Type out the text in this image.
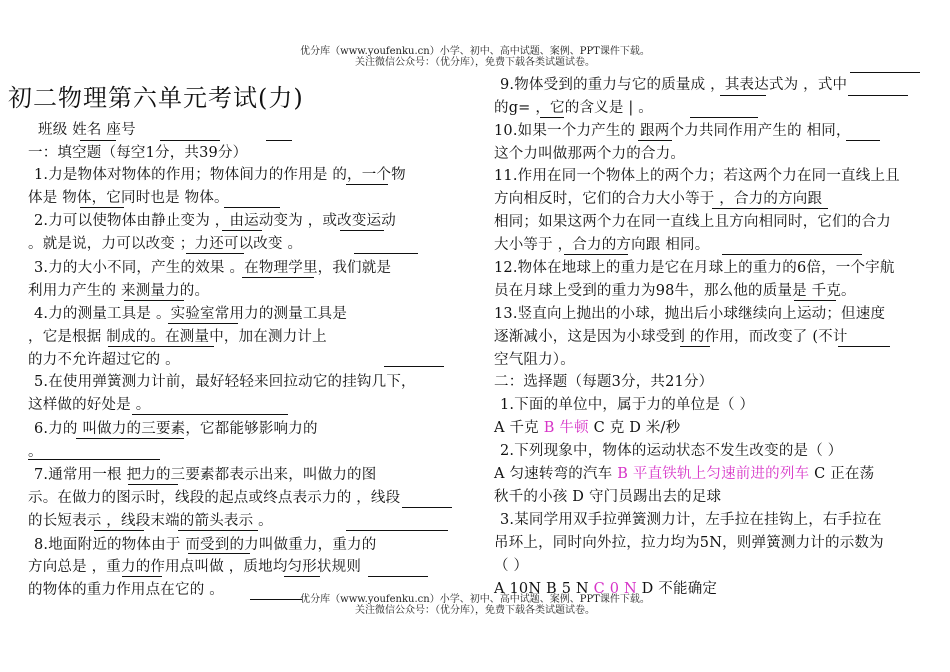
优分库（www.youfenku.cn）小学、初中、高中试题、案例、PPT课件下载。
关注微信公众号：（优分库），免费下载各类试题试卷。
初二物理第六单元考试(力)
班级 姓名 座号
一：填空题（每空1分，共39分）
1.力是物体对物体的作用；物体间力的作用是 的，一个物
体是 物体，它同时也是 物体。
2.力可以使物体由静止变为 ，由运动变为 ，或改变运动
。就是说，力可以改变 ；力还可以改变 。
3.力的大小不同，产生的效果 。在物理学里，我们就是
利用力产生的 来测量力的。
4.力的测量工具是 。实验室常用力的测量工具是
，它是根据 制成的。在测量中，加在测力计上
的力不允许超过它的 。
5.在使用弹簧测力计前，最好轻轻来回拉动它的挂钩几下，
这样做的好处是 。
6.力的 叫做力的三要素，它都能够影响力的
。
7.通常用一根 把力的三要素都表示出来，叫做力的图
示。在做力的图示时，线段的起点或终点表示力的 ，线段
的长短表示 ，线段末端的箭头表示 。
8.地面附近的物体由于 而受到的力叫做重力，重力的
方向总是 ，重力的作用点叫做 ，质地均匀形状规则
的物体的重力作用点在它的 。
9.物体受到的重力与它的质量成 ，其表达式为 ，式中
的g= ，它的含义是 | 。
10.如果一个力产生的 跟两个力共同作用产生的 相同，
这个力叫做那两个力的合力。
11.作用在同一个物体上的两个力；若这两个力在同一直线上且
方向相反时，它们的合力大小等于 ，合力的方向跟
相同；如果这两个力在同一直线上且方向相同时，它们的合力
大小等于 ，合力的方向跟 相同。
12.物体在地球上的重力是它在月球上的重力的6倍，一个宇航
员在月球上受到的重力为98牛，那么他的质量是 千克。
13.竖直向上抛出的小球，抛出后小球继续向上运动；但速度
逐渐减小，这是因为小球受到 的作用，而改变了 (不计
空气阻力）。
二：选择题（每题3分，共21分）
1.下面的单位中，属于力的单位是（ ）
A 千克 B 牛顿 C 克 D 米/秒
2.下列现象中，物体的运动状态不发生改变的是（ ）
A 匀速转弯的汽车 B 平直铁轨上匀速前进的列车 C 正在荡
秋千的小孩 D 守门员踢出去的足球
3.某同学用双手拉弹簧测力计，左手拉在挂钩上，右手拉在
吊环上，同时向外拉，拉力均为5N，则弹簧测力计的示数为
（ ）
A 10N B 5 N C 0 N D 不能确定
优分库（www.youfenku.cn）小学、初中、高中试题、案例、PPT课件下载。
关注微信公众号：（优分库），免费下载各类试题试卷。
